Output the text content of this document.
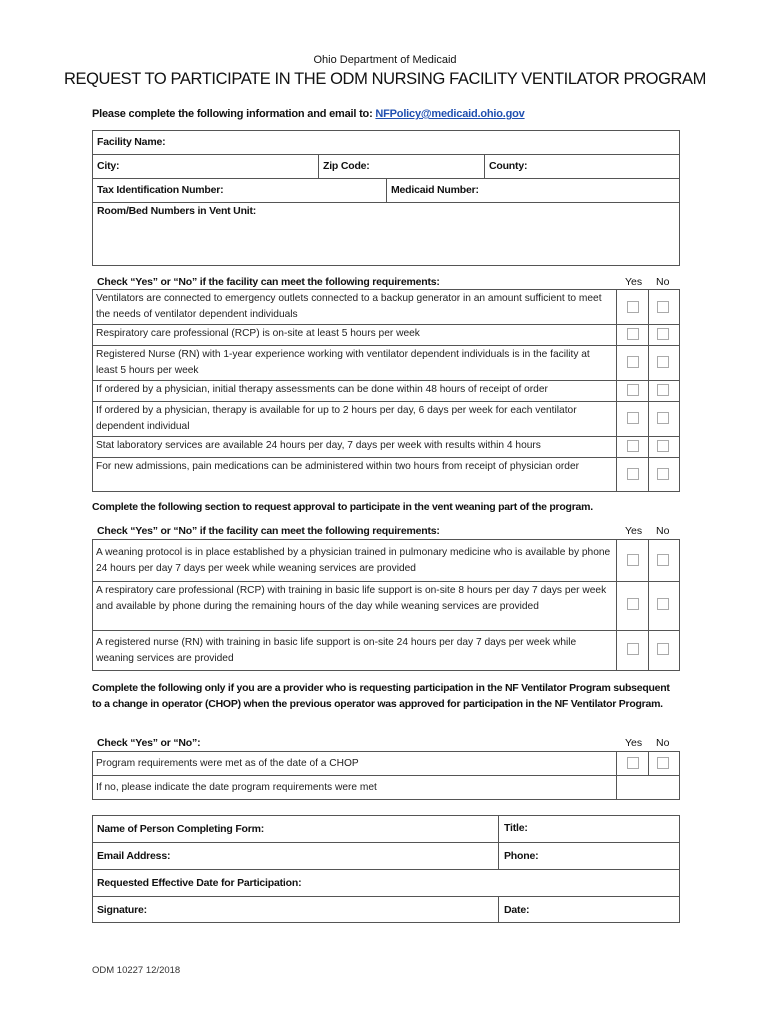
Ohio Department of Medicaid
REQUEST TO PARTICIPATE IN THE ODM NURSING FACILITY VENTILATOR PROGRAM
Please complete the following information and email to: NFPolicy@medicaid.ohio.gov
Facility Name:
City:	Zip Code:	County:
Tax Identification Number:	Medicaid Number:
Room/Bed Numbers in Vent Unit:
Check “Yes” or “No” if the facility can meet the following requirements:	Yes No
Ventilators are connected to emergency outlets connected to a backup generator in an amount sufficient to meet the needs of ventilator dependent individuals
Respiratory care professional (RCP) is on-site at least 5 hours per week
Registered Nurse (RN) with 1-year experience working with ventilator dependent individuals is in the facility at least 5 hours per week
If ordered by a physician, initial therapy assessments can be done within 48 hours of receipt of order
If ordered by a physician, therapy is available for up to 2 hours per day, 6 days per week for each ventilator dependent individual
Stat laboratory services are available 24 hours per day, 7 days per week with results within 4 hours
For new admissions, pain medications can be administered within two hours from receipt of physician order
Complete the following section to request approval to participate in the vent weaning part of the program.
Check “Yes” or “No” if the facility can meet the following requirements:	Yes No
A weaning protocol is in place established by a physician trained in pulmonary medicine who is available by phone 24 hours per day 7 days per week while weaning services are provided
A respiratory care professional (RCP) with training in basic life support is on-site 8 hours per day 7 days per week and available by phone during the remaining hours of the day while weaning services are provided
A registered nurse (RN) with training in basic life support is on-site 24 hours per day 7 days per week while weaning services are provided
Complete the following only if you are a provider who is requesting participation in the NF Ventilator Program subsequent to a change in operator (CHOP) when the previous operator was approved for participation in the NF Ventilator Program.
Check “Yes” or “No”:	Yes No
Program requirements were met as of the date of a CHOP
If no, please indicate the date program requirements were met
Name of Person Completing Form:	Title:
Email Address:	Phone:
Requested Effective Date for Participation:
Signature:	Date:
ODM 10227 12/2018
